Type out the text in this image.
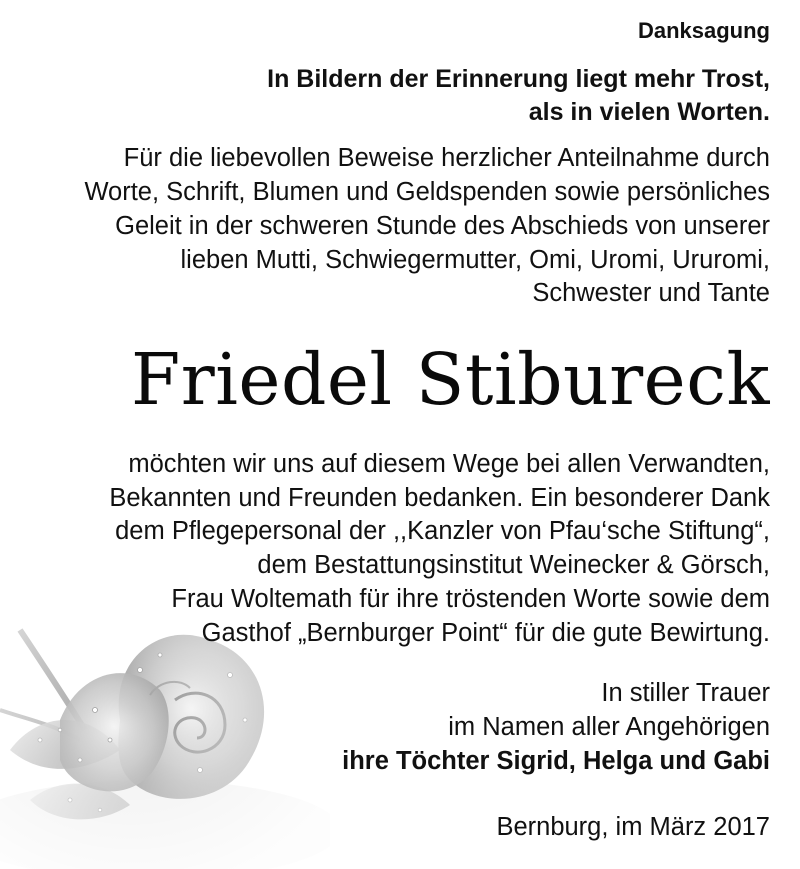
Danksagung
In Bildern der Erinnerung liegt mehr Trost,
als in vielen Worten.
Für die liebevollen Beweise herzlicher Anteilnahme durch
Worte, Schrift, Blumen und Geldspenden sowie persönliches
Geleit in der schweren Stunde des Abschieds von unserer
lieben Mutti, Schwiegermutter, Omi, Uromi, Ururomi,
Schwester und Tante
Friedel Stibureck
möchten wir uns auf diesem Wege bei allen Verwandten,
Bekannten und Freunden bedanken. Ein besonderer Dank
dem Pflegepersonal der ,,Kanzler von Pfau‘sche Stiftung“,
dem Bestattungsinstitut Weinecker & Görsch,
Frau Woltemath für ihre tröstenden Worte sowie dem
Gasthof „Bernburger Point“ für die gute Bewirtung.
In stiller Trauer
im Namen aller Angehörigen
ihre Töchter Sigrid, Helga und Gabi
Bernburg, im März 2017
